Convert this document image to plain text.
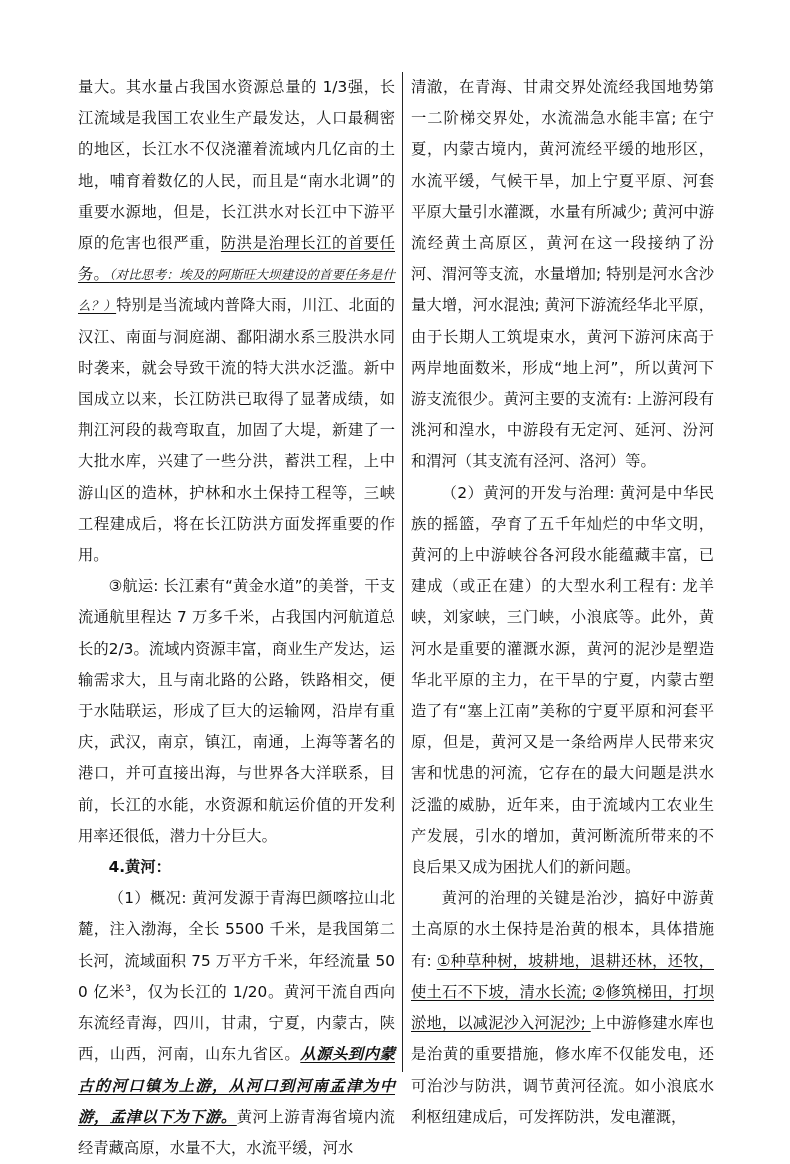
量大。其水量占我国水资源总量的 1/3强，长江流域是我国工农业生产最发达，人口最稠密的地区，长江水不仅浇灌着流域内几亿亩的土地，哺育着数亿的人民，而且是“南水北调”的重要水源地，但是，长江洪水对长江中下游平原的危害也很严重，防洪是治理长江的首要任务。（对比思考：埃及的阿斯旺大坝建设的首要任务是什么？）特别是当流域内普降大雨，川江、北面的汉江、南面与洞庭湖、鄱阳湖水系三股洪水同时袭来，就会导致干流的特大洪水泛滥。新中国成立以来，长江防洪已取得了显著成绩，如荆江河段的裁弯取直，加固了大堤，新建了一大批水库，兴建了一些分洪，蓄洪工程，上中游山区的造林，护林和水土保持工程等，三峡工程建成后，将在长江防洪方面发挥重要的作用。

③航运: 长江素有“黄金水道”的美誉，干支流通航里程达 7 万多千米，占我国内河航道总长的2/3。流域内资源丰富，商业生产发达，运输需求大，且与南北路的公路，铁路相交，便于水陆联运，形成了巨大的运输网，沿岸有重庆，武汉，南京，镇江，南通，上海等著名的港口，并可直接出海，与世界各大洋联系，目前，长江的水能，水资源和航运价值的开发利用率还很低，潜力十分巨大。

4.黄河：

（1）概况: 黄河发源于青海巴颜喀拉山北麓，注入渤海，全长 5500 千米，是我国第二长河，流域面积 75 万平方千米，年经流量 500 亿米$^3$，仅为长江的 1/20。黄河干流自西向东流经青海，四川，甘肃，宁夏，内蒙古，陕西，山西，河南，山东九省区。从源头到内蒙古的河口镇为上游，从河口到河南孟津为中游，孟津以下为下游。黄河上游青海省境内流经青藏高原，水量不大，水流平缓，河水

清澈，在青海、甘肃交界处流经我国地势第一二阶梯交界处，水流湍急水能丰富; 在宁夏，内蒙古境内，黄河流经平缓的地形区，水流平缓，气候干旱，加上宁夏平原、河套平原大量引水灌溉，水量有所减少; 黄河中游流经黄土高原区，黄河在这一段接纳了汾河、渭河等支流，水量增加; 特别是河水含沙量大增，河水混浊; 黄河下游流经华北平原，由于长期人工筑堤束水，黄河下游河床高于两岸地面数米，形成“地上河”，所以黄河下游支流很少。黄河主要的支流有: 上游河段有洮河和湟水，中游段有无定河、延河、汾河和渭河（其支流有泾河、洛河）等。

（2）黄河的开发与治理: 黄河是中华民族的摇篮，孕育了五千年灿烂的中华文明，黄河的上中游峡谷各河段水能蕴藏丰富，已建成（或正在建）的大型水利工程有: 龙羊峡，刘家峡，三门峡，小浪底等。此外，黄河水是重要的灌溉水源，黄河的泥沙是塑造华北平原的主力，在干旱的宁夏，内蒙古塑造了有“塞上江南”美称的宁夏平原和河套平原，但是，黄河又是一条给两岸人民带来灾害和忧患的河流，它存在的最大问题是洪水泛滥的威胁，近年来，由于流域内工农业生产发展，引水的增加，黄河断流所带来的不良后果又成为困扰人们的新问题。

黄河的治理的关键是治沙，搞好中游黄土高原的水土保持是治黄的根本，具体措施有: ①种草种树，坡耕地，退耕还林，还牧，使土石不下坡，清水长流; ②修筑梯田，打坝淤地，以减泥沙入河泥沙; 上中游修建水库也是治黄的重要措施，修水库不仅能发电，还可治沙与防洪，调节黄河径流。如小浪底水利枢纽建成后，可发挥防洪，发电灌溉，
